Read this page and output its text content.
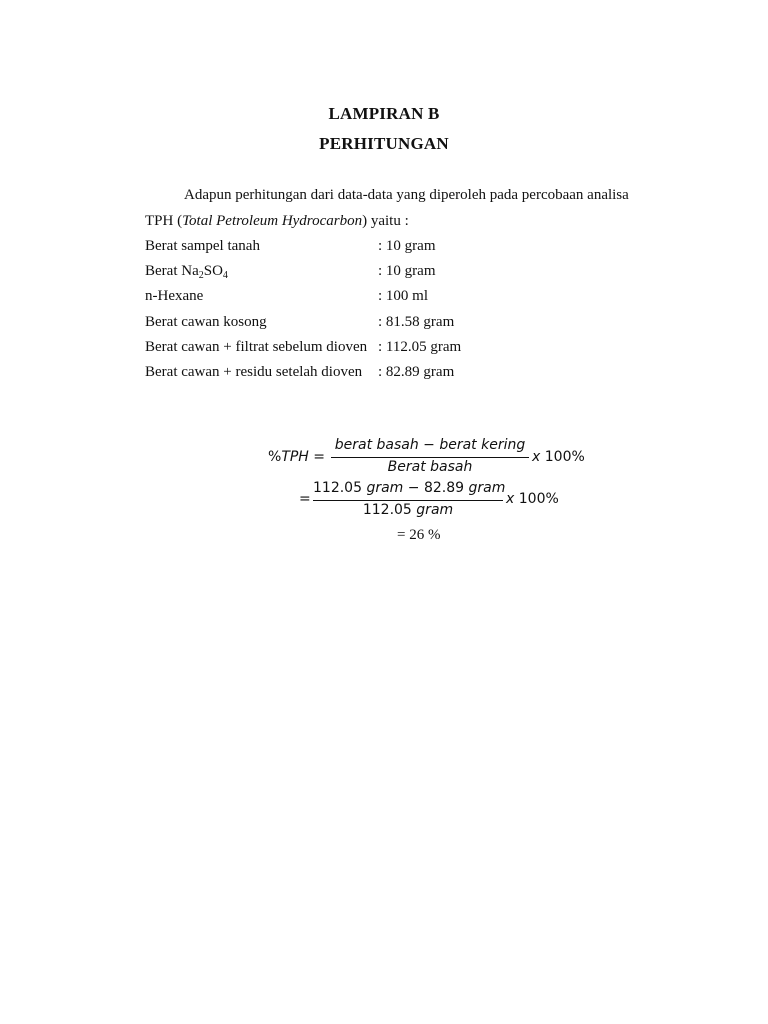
LAMPIRAN B
PERHITUNGAN
Adapun perhitungan dari data-data yang diperoleh pada percobaan analisa
TPH (Total Petroleum Hydrocarbon) yaitu :
Berat sampel tanah	: 10 gram
Berat $Na_2SO_4$	: 10 gram
n-Hexane	: 100 ml
Berat cawan kosong	: 81.58 gram
Berat cawan + filtrat sebelum dioven : 112.05 gram
Berat cawan + residu setelah dioven : 82.89 gram
%TPH =
berat basah − berat kering
Berat basah
x 100%
=
112.05 gram − 82.89 gram
112.05 gram
x 100%
= 26 %
